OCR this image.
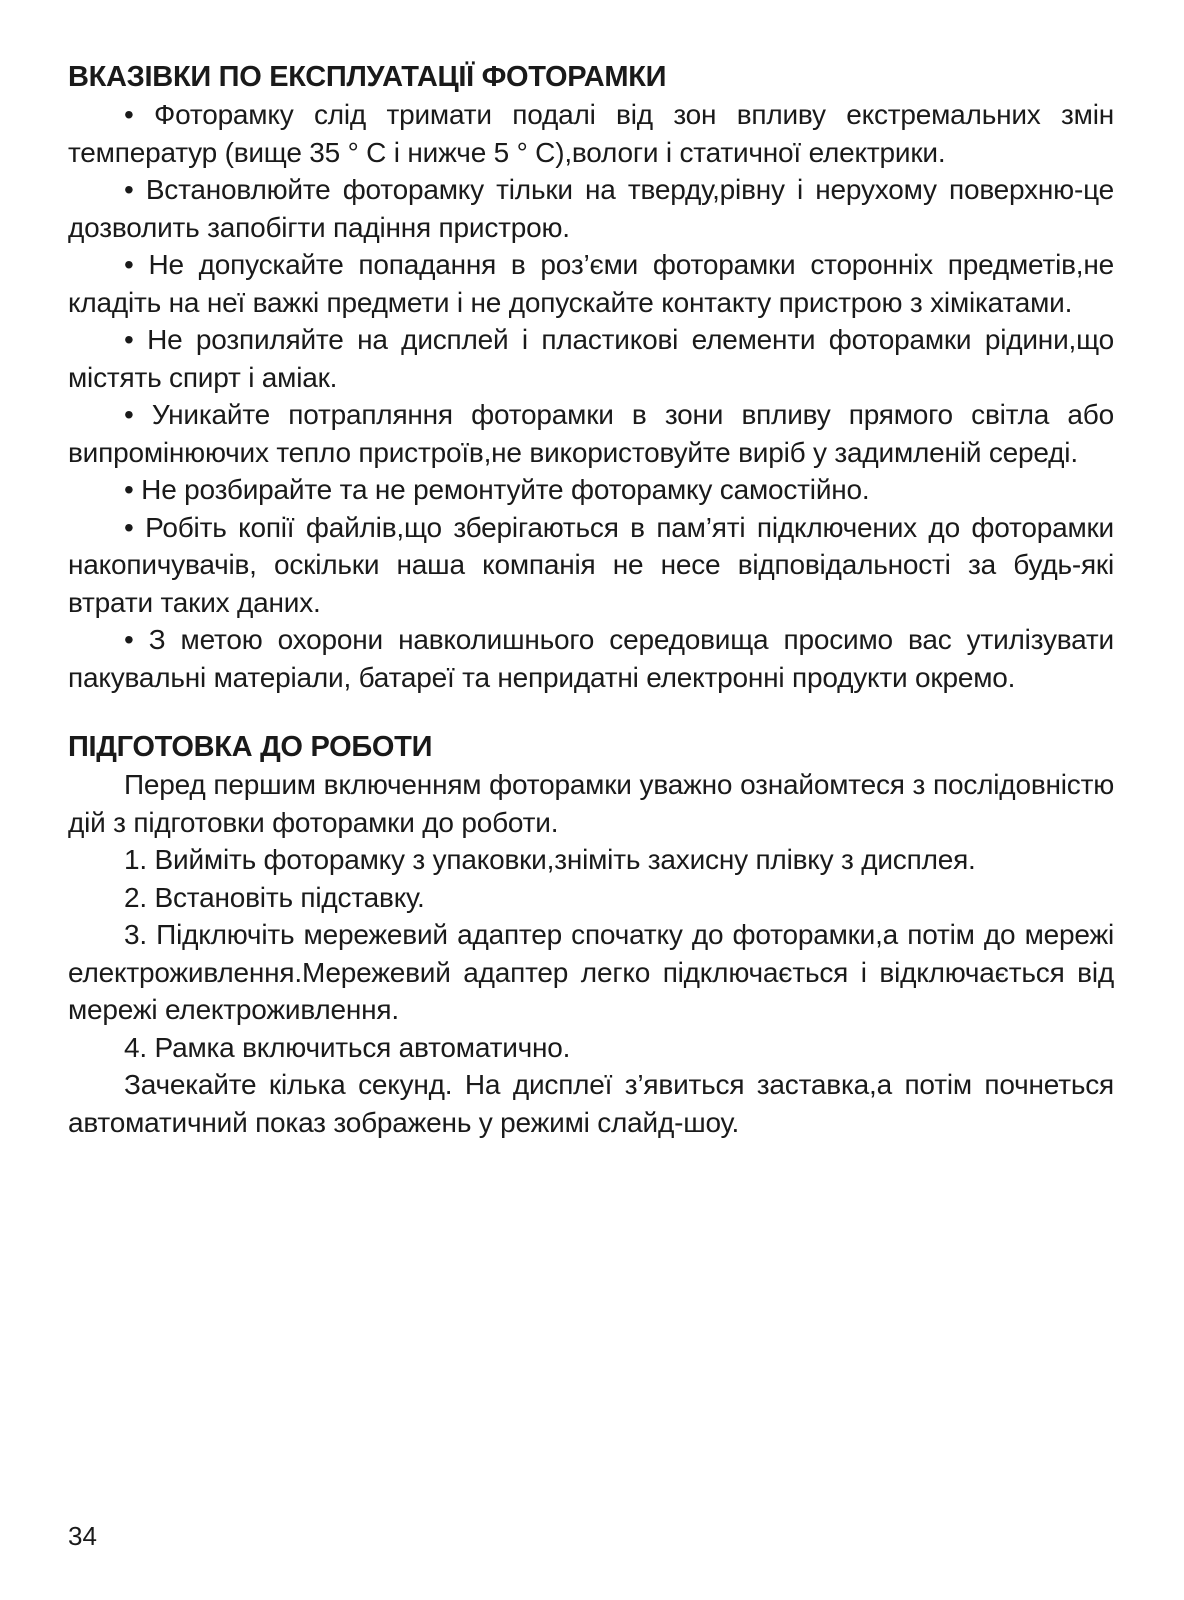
ВКАЗІВКИ ПО ЕКСПЛУАТАЦІЇ ФОТОРАМКИ

• Фоторамку слід тримати подалі від зон впливу екстремальних змін температур (вище 35 ° C і нижче 5 ° C),вологи і статичної електрики.

• Встановлюйте фоторамку тільки на тверду,рівну і нерухому поверхню-це дозволить запобігти падіння пристрою.

• Не допускайте попадання в роз’єми фоторамки сторонніх предметів,не кладіть на неї важкі предмети і не допускайте контакту пристрою з хімікатами.

• Не розпиляйте на дисплей і пластикові елементи фоторамки рідини,що містять спирт і аміак.

• Уникайте потрапляння фоторамки в зони впливу прямого світла або випромінюючих тепло пристроїв,не використовуйте виріб у задимленій середі.

• Не розбирайте та не ремонтуйте фоторамку самостійно.

• Робіть копії файлів,що зберігаються в пам’яті підключених до фоторамки накопичувачів, оскільки наша компанія не несе відповідальності за будь-які втрати таких даних.

• З метою охорони навколишнього середовища просимо вас утилізувати пакувальні матеріали, батареї та непридатні електронні продукти окремо.

ПІДГОТОВКА ДО РОБОТИ

Перед першим включенням фоторамки уважно ознайомтеся з послідовністю дій з підготовки фоторамки до роботи.

1. Вийміть фоторамку з упаковки,зніміть захисну плівку з дисплея.

2. Встановіть підставку.

3. Підключіть мережевий адаптер спочатку до фоторамки,а потім до мережі електроживлення.Мережевий адаптер легко підключається і відключається від мережі електроживлення.

4. Рамка включиться автоматично.

Зачекайте кілька секунд. На дисплеї з’явиться заставка,а потім почнеться автоматичний показ зображень у режимі слайд-шоу.

34
